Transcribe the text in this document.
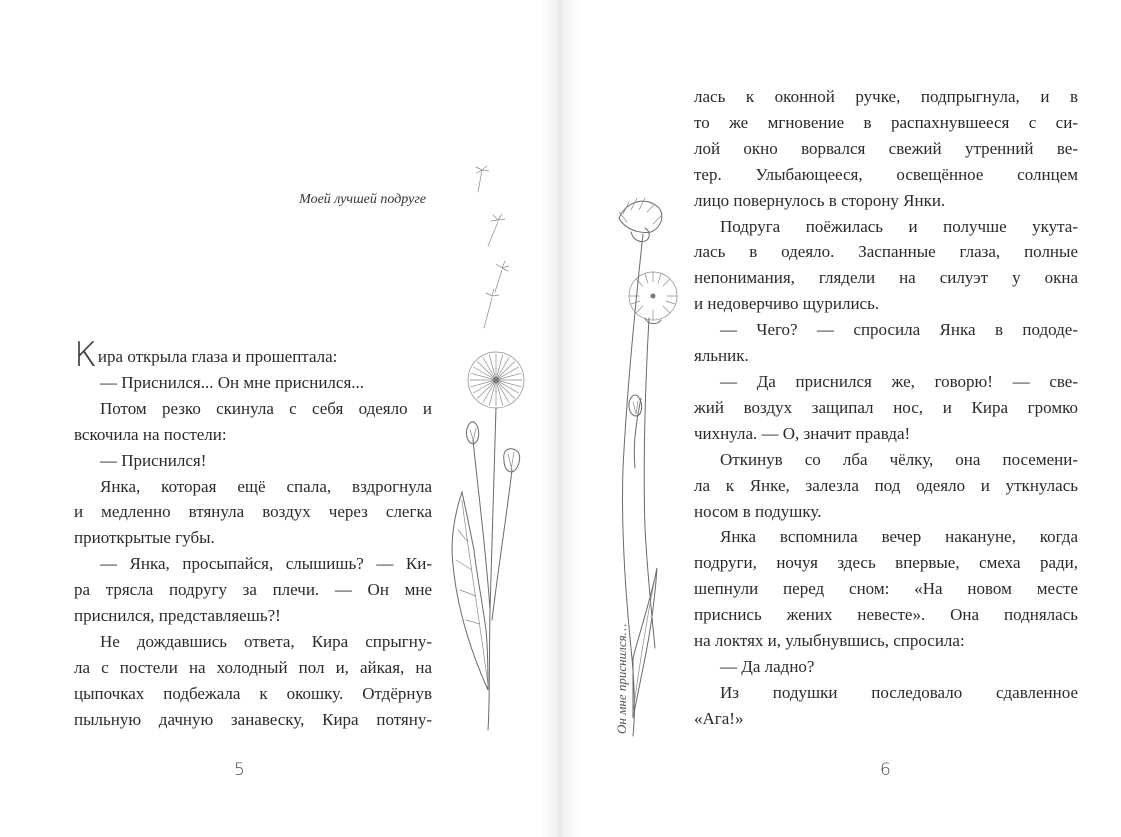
Моей лучшей подруге
Кира открыла глаза и прошептала:
— Приснился... Он мне приснился...
Потом резко скинула с себя одеяло и
вскочила на постели:
— Приснился!
Янка, которая ещё спала, вздрогнула
и медленно втянула воздух через слегка
приоткрытые губы.
— Янка, просыпайся, слышишь? — Ки-
ра трясла подругу за плечи. — Он мне
приснился, представляешь?!
Не дождавшись ответа, Кира спрыгну-
ла с постели на холодный пол и, айкая, на
цыпочках подбежала к окошку. Отдёрнув
пыльную дачную занавеску, Кира потяну-
5	6
Он мне приснился…
лась к оконной ручке, подпрыгнула, и в
то же мгновение в распахнувшееся с си-
лой окно ворвался свежий утренний ве-
тер. Улыбающееся, освещённое солнцем
лицо повернулось в сторону Янки.
Подруга поёжилась и получше укута-
лась в одеяло. Заспанные глаза, полные
непонимания, глядели на силуэт у окна
и недоверчиво щурились.
— Чего? — спросила Янка в пододе-
яльник.
— Да приснился же, говорю! — све-
жий воздух защипал нос, и Кира громко
чихнула. — О, значит правда!
Откинув со лба чёлку, она посемени-
ла к Янке, залезла под одеяло и уткнулась
носом в подушку.
Янка вспомнила вечер накануне, когда
подруги, ночуя здесь впервые, смеха ради,
шепнули перед сном: «На новом месте
приснись жених невесте». Она поднялась
на локтях и, улыбнувшись, спросила:
— Да ладно?
Из подушки последовало сдавленное
«Ага!»
